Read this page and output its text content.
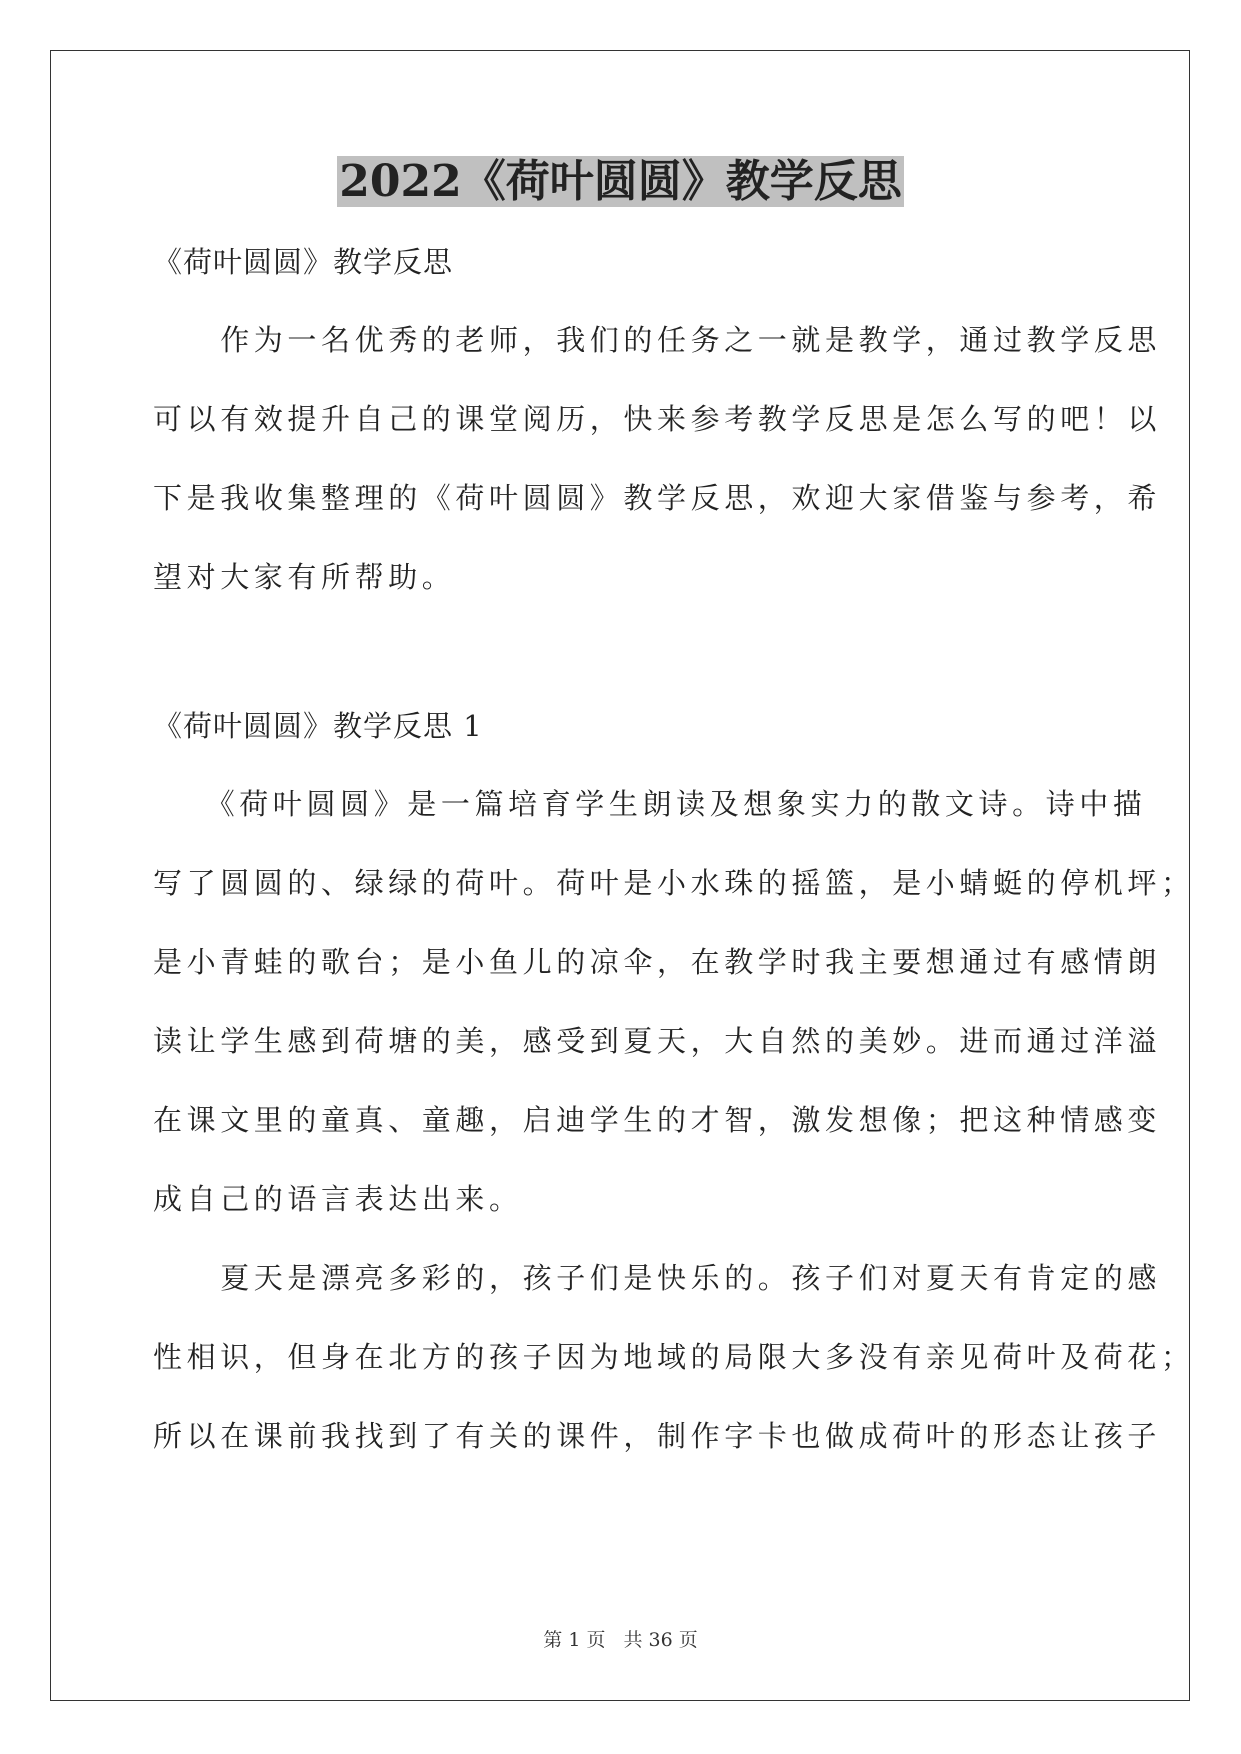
2022《荷叶圆圆》教学反思
《荷叶圆圆》教学反思
　　作为一名优秀的老师，我们的任务之一就是教学，通过教学反思
可以有效提升自己的课堂阅历，快来参考教学反思是怎么写的吧！以
下是我收集整理的《荷叶圆圆》教学反思，欢迎大家借鉴与参考，希
望对大家有所帮助。
《荷叶圆圆》教学反思 1
　　《荷叶圆圆》是一篇培育学生朗读及想象实力的散文诗。诗中描
写了圆圆的、绿绿的荷叶。荷叶是小水珠的摇篮，是小蜻蜓的停机坪；
是小青蛙的歌台；是小鱼儿的凉伞，在教学时我主要想通过有感情朗
读让学生感到荷塘的美，感受到夏天，大自然的美妙。进而通过洋溢
在课文里的童真、童趣，启迪学生的才智，激发想像；把这种情感变
成自己的语言表达出来。
　　夏天是漂亮多彩的，孩子们是快乐的。孩子们对夏天有肯定的感
性相识，但身在北方的孩子因为地域的局限大多没有亲见荷叶及荷花；
所以在课前我找到了有关的课件，制作字卡也做成荷叶的形态让孩子
第 1 页 共 36 页
